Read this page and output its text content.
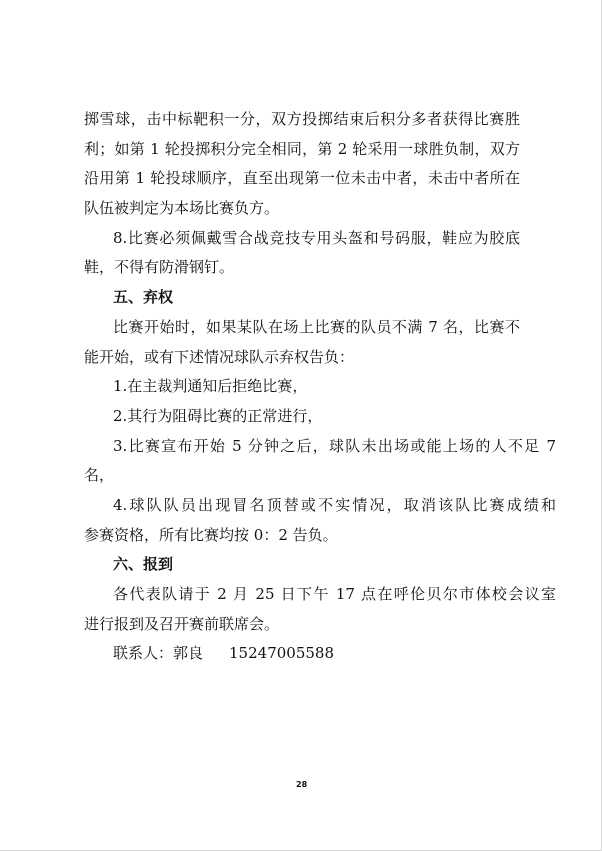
掷雪球，击中标靶积一分，双方投掷结束后积分多者获得比赛胜
利；如第 1 轮投掷积分完全相同，第 2 轮采用一球胜负制，双方
沿用第 1 轮投球顺序，直至出现第一位未击中者，未击中者所在
队伍被判定为本场比赛负方。
8.比赛必须佩戴雪合战竞技专用头盔和号码服，鞋应为胶底
鞋，不得有防滑钢钉。
五、弃权
比赛开始时，如果某队在场上比赛的队员不满 7 名，比赛不
能开始，或有下述情况球队示弃权告负：
1.在主裁判通知后拒绝比赛，
2.其行为阻碍比赛的正常进行，
3.比赛宣布开始 5 分钟之后，球队未出场或能上场的人不足 7
名，
4.球队队员出现冒名顶替或不实情况，取消该队比赛成绩和
参赛资格，所有比赛均按 0：2 告负。
六、报到
各代表队请于 2 月 25 日下午 17 点在呼伦贝尔市体校会议室
进行报到及召开赛前联席会。
联系人：郭良 15247005588
28
